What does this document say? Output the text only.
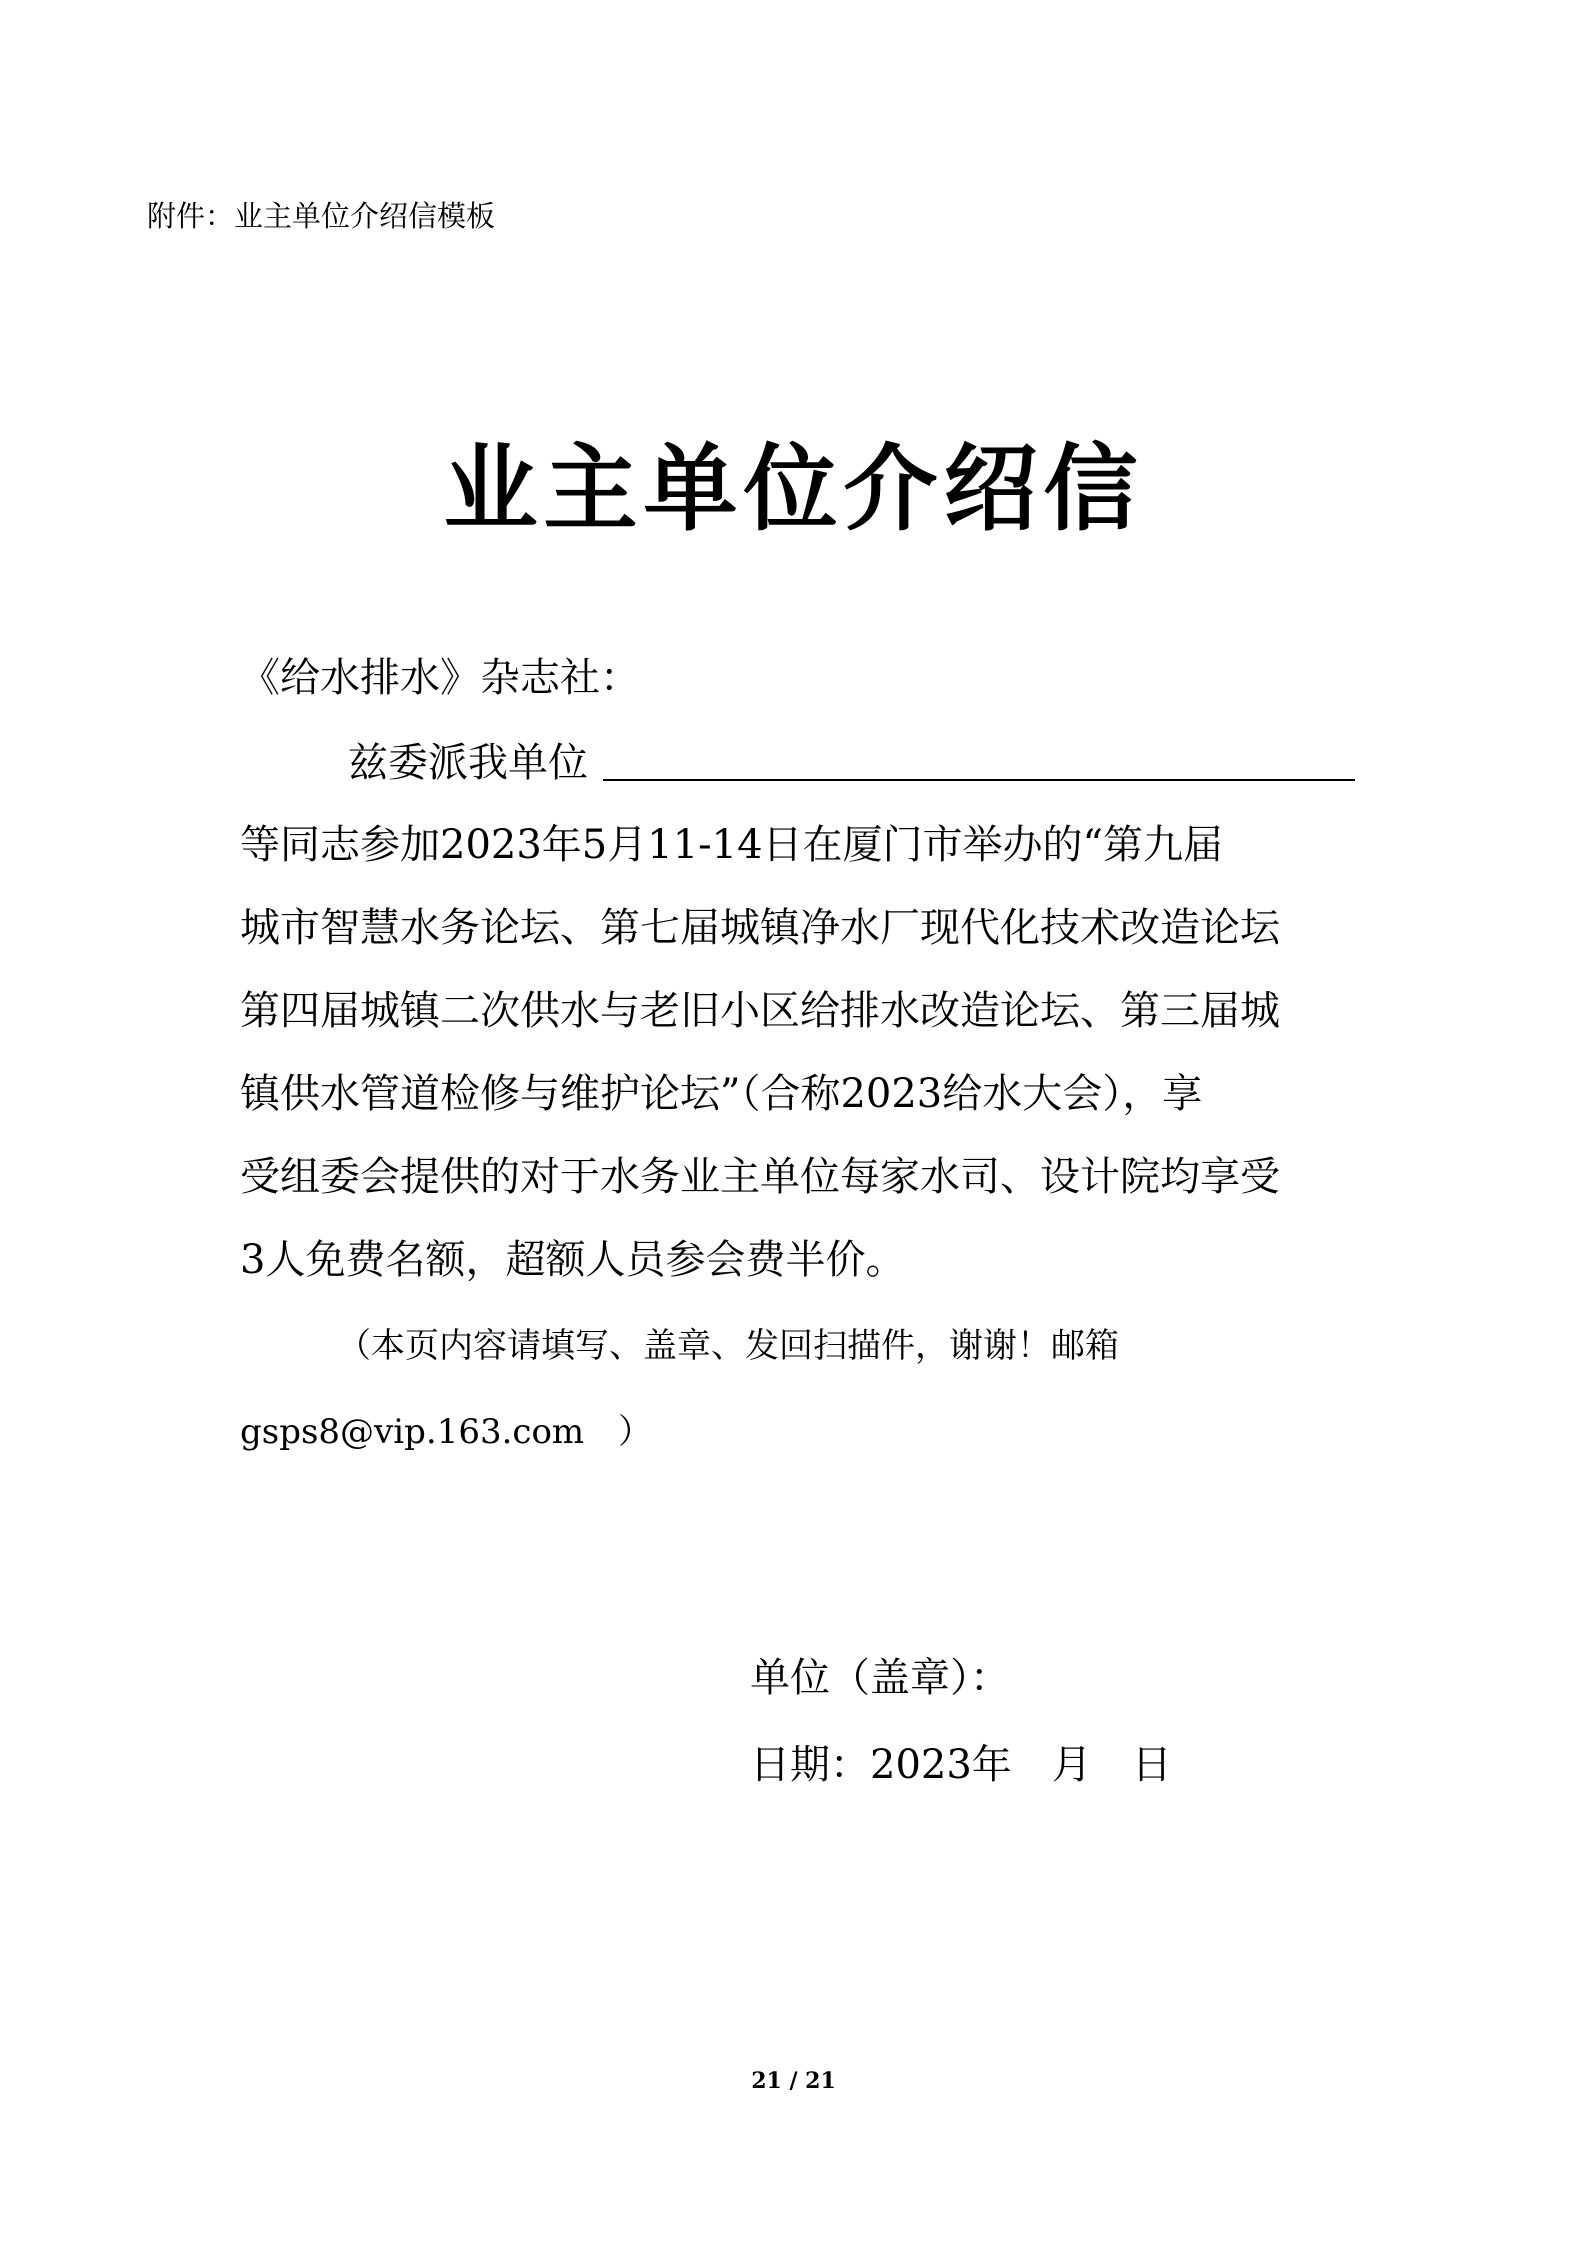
附件：业主单位介绍信模板
业主单位介绍信
《给水排水》杂志社：
兹委派我单位
等同志参加2023年5月11-14日在厦门市举办的“第九届
城市智慧水务论坛、第七届城镇净水厂现代化技术改造论坛
第四届城镇二次供水与老旧小区给排水改造论坛、第三届城
镇供水管道检修与维护论坛”（合称2023给水大会），享
受组委会提供的对于水务业主单位每家水司、设计院均享受
3人免费名额，超额人员参会费半价。
（本页内容请填写、盖章、发回扫描件，谢谢！邮箱
gsps8@vip.163.com　）
单位（盖章）：
日期：2023年　月　日
21 / 21
